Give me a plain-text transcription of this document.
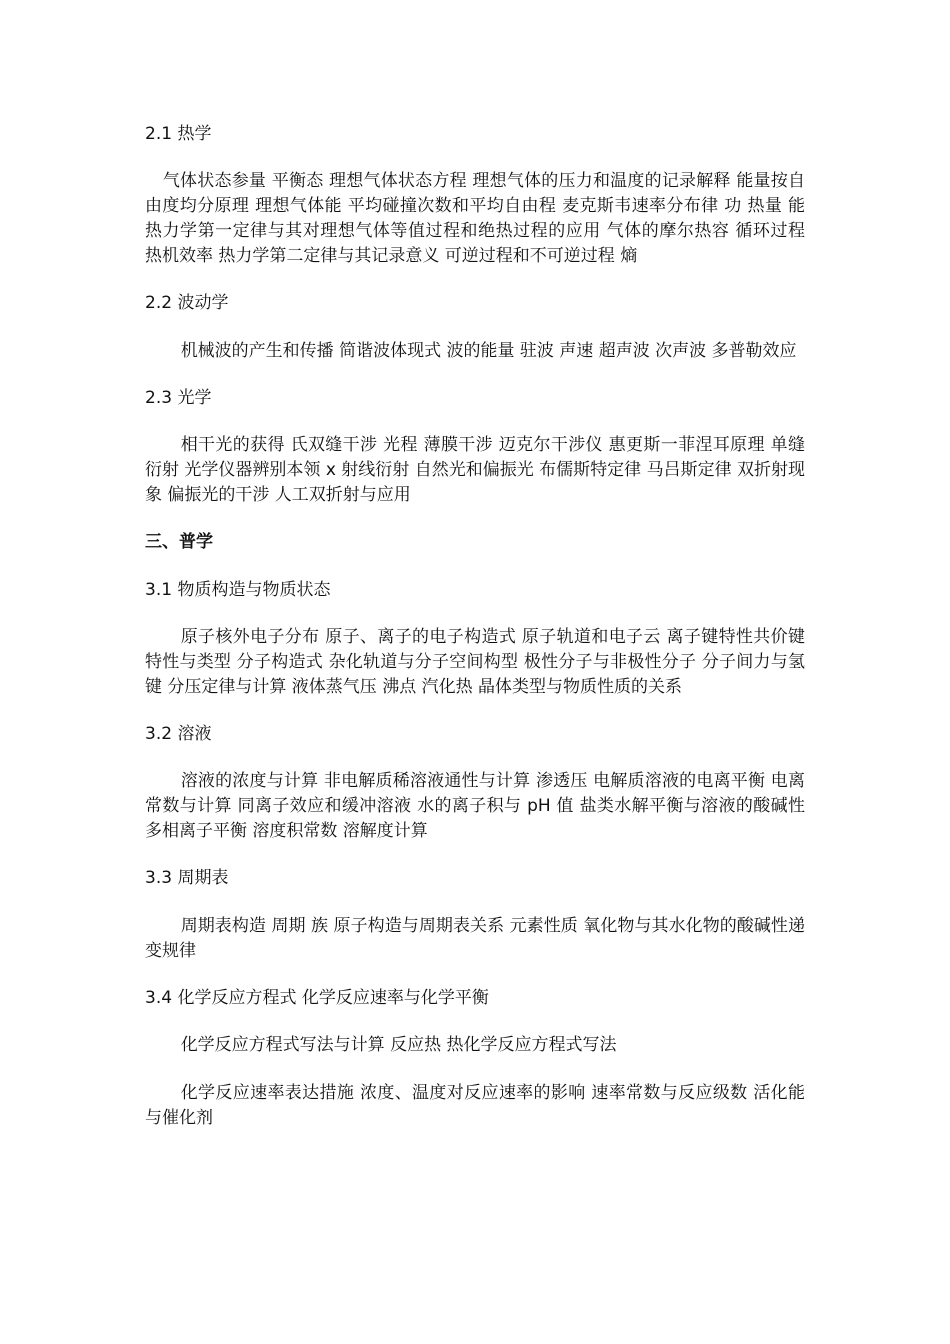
2.1 热学

气体状态参量 平衡态 理想气体状态方程 理想气体的压力和温度的记录解释 能量按自由度均分原理 理想气体能 平均碰撞次数和平均自由程 麦克斯韦速率分布律 功 热量 能 热力学第一定律与其对理想气体等值过程和绝热过程的应用 气体的摩尔热容 循环过程 热机效率 热力学第二定律与其记录意义 可逆过程和不可逆过程 熵

2.2 波动学

机械波的产生和传播 简谐波体现式 波的能量 驻波 声速 超声波 次声波 多普勒效应

2.3 光学

相干光的获得 氏双缝干涉 光程 薄膜干涉 迈克尔干涉仪 惠更斯一菲涅耳原理 单缝衍射 光学仪器辨别本领 x 射线衍射 自然光和偏振光 布儒斯特定律 马吕斯定律 双折射现象 偏振光的干涉 人工双折射与应用

三、普学

3.1 物质构造与物质状态

原子核外电子分布 原子、离子的电子构造式 原子轨道和电子云 离子键特性共价键特性与类型 分子构造式 杂化轨道与分子空间构型 极性分子与非极性分子 分子间力与氢键 分压定律与计算 液体蒸气压 沸点 汽化热 晶体类型与物质性质的关系

3.2 溶液

溶液的浓度与计算 非电解质稀溶液通性与计算 渗透压 电解质溶液的电离平衡 电离常数与计算 同离子效应和缓冲溶液 水的离子积与 pH 值 盐类水解平衡与溶液的酸碱性 多相离子平衡 溶度积常数 溶解度计算

3.3 周期表

周期表构造 周期 族 原子构造与周期表关系 元素性质 氧化物与其水化物的酸碱性递变规律

3.4 化学反应方程式 化学反应速率与化学平衡

化学反应方程式写法与计算 反应热 热化学反应方程式写法

化学反应速率表达措施 浓度、温度对反应速率的影响 速率常数与反应级数 活化能与催化剂
